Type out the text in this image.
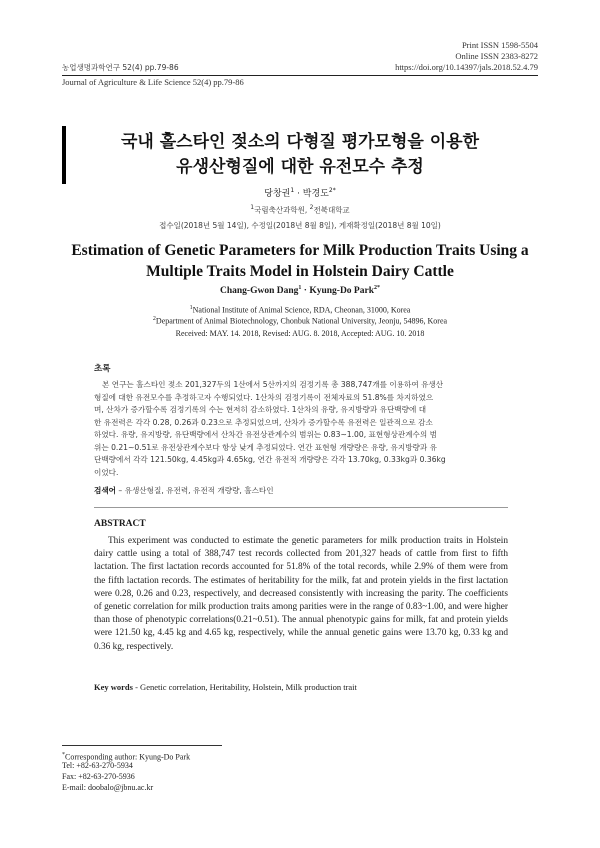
Print ISSN 1598-5504
Online ISSN 2383-8272
농업생명과학연구 52(4) pp.79-86	https://doi.org/10.14397/jals.2018.52.4.79
Journal of Agriculture & Life Science 52(4) pp.79-86
국내 홀스타인 젖소의 다형질 평가모형을 이용한
유생산형질에 대한 유전모수 추정
당창권$^1$ · 박경도$^{2*}$
$^1$국립축산과학원, $^2$전북대학교
접수일(2018년 5월 14일), 수정일(2018년 8월 8일), 게재확정일(2018년 8월 10일)
Estimation of Genetic Parameters for Milk Production Traits Using a
Multiple Traits Model in Holstein Dairy Cattle
Chang-Gwon Dang$^1$ · Kyung-Do Park$^{2*}$
$^1$National Institute of Animal Science, RDA, Cheonan, 31000, Korea
$^2$Department of Animal Biotechnology, Chonbuk National University, Jeonju, 54896, Korea
Received: MAY. 14. 2018, Revised: AUG. 8. 2018, Accepted: AUG. 10. 2018
초록

본 연구는 홀스타인 젖소 201,327두의 1산에서 5산까지의 검정기록 총 388,747개를 이용하여 유생산

형질에 대한 유전모수를 추정하고자 수행되었다. 1산차의 검정기록이 전체자료의 51.8%를 차지하였으

며, 산차가 증가할수록 검정기록의 수는 현저히 감소하였다. 1산차의 유량, 유지방량과 유단백량에 대

한 유전력은 각각 0.28, 0.26과 0.23으로 추정되었으며, 산차가 증가할수록 유전력은 일관적으로 감소

하였다. 유량, 유지방량, 유단백량에서 산차간 유전상관계수의 범위는 0.83~1.00, 표현형상관계수의 범

위는 0.21~0.51로 유전상관계수보다 항상 낮게 추정되었다. 연간 표현형 개량량은 유량, 유지방량과 유

단백량에서 각각 121.50kg, 4.45kg과 4.65kg, 연간 유전적 개량량은 각각 13.70kg, 0.33kg과 0.36kg

이었다.

검색어 – 유생산형질, 유전력, 유전적 개량량, 홀스타인
ABSTRACT

This experiment was conducted to estimate the genetic parameters for milk production traits in Holstein dairy cattle using a total of 388,747 test records collected from 201,327 heads of cattle from first to fifth lactation. The first lactation records accounted for 51.8% of the total records, while 2.9% of them were from the fifth lactation records. The estimates of heritability for the milk, fat and protein yields in the first lactation were 0.28, 0.26 and 0.23, respectively, and decreased consistently with increasing the parity. The coefficients of genetic correlation for milk production traits among parities were in the range of 0.83~1.00, and were higher than those of phenotypic correlations(0.21~0.51). The annual phenotypic gains for milk, fat and protein yields were 121.50 kg, 4.45 kg and 4.65 kg, respectively, while the annual genetic gains were 13.70 kg, 0.33 kg and 0.36 kg, respectively.

Key words - Genetic correlation, Heritability, Holstein, Milk production trait
*Corresponding author: Kyung-Do Park
Tel: +82-63-270-5934
Fax: +82-63-270-5936
E-mail: doobalo@jbnu.ac.kr
